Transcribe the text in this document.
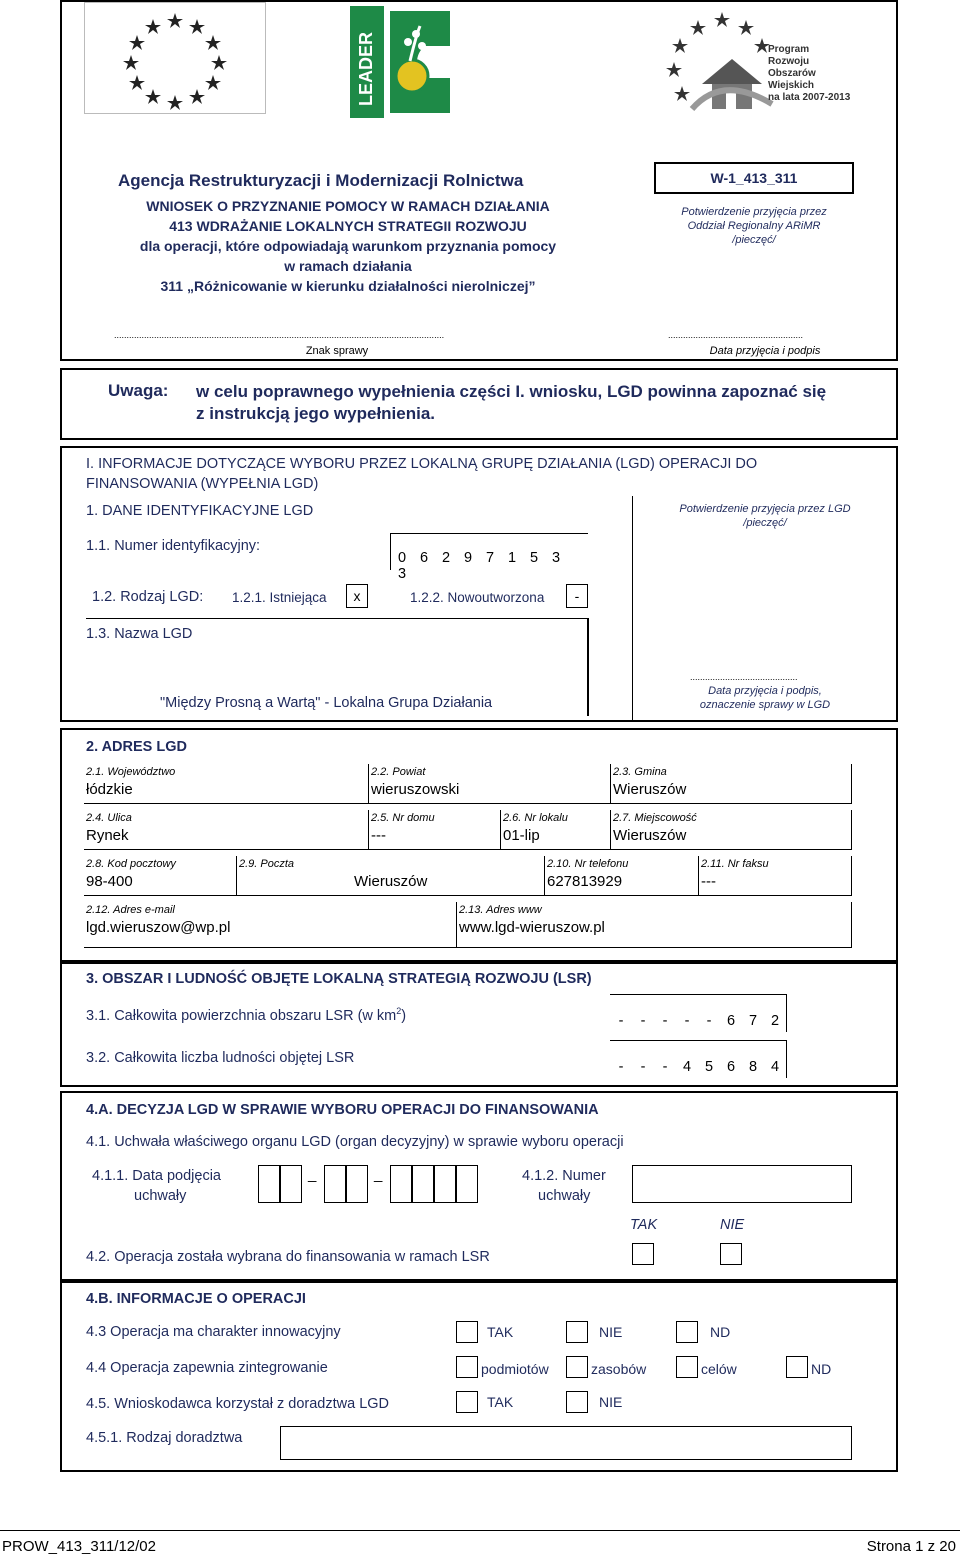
LEADER	Program
Rozwoju
Obszarów
Wiejskich
na lata 2007-2013
Agencja Restrukturyzacji i Modernizacji Rolnictwa
WNIOSEK O PRZYZNANIE POMOCY W RAMACH DZIAŁANIA
413 WDRAŻANIE LOKALNYCH STRATEGII ROZWOJU
dla operacji, które odpowiadają warunkom przyznania pomocy
w ramach działania
311 „Różnicowanie w kierunku działalności nierolniczej”
W-1_413_311
Potwierdzenie przyjęcia przez
Oddział Regionalny ARiMR
/pieczęć/
....................................................................................................................................
Znak sprawy
......................................................
Data przyjęcia i podpis
Uwaga: w celu poprawnego wypełnienia części I. wniosku, LGD powinna zapoznać się
z instrukcją jego wypełnienia.
I. INFORMACJE DOTYCZĄCE WYBORU PRZEZ LOKALNĄ GRUPĘ DZIAŁANIA (LGD) OPERACJI DO
FINANSOWANIA (WYPEŁNIA LGD)
1. DANE IDENTYFIKACYJNE LGD	Potwierdzenie przyjęcia przez LGD
/pieczęć/
1.1. Numer identyfikacyjny:
0 6 2 9 7 1 5 33
1.2. Rodzaj LGD: 1.2.1. Istniejąca	x	1.2.2. Nowoutworzona	-
1.3. Nazwa LGD
"Między Prosną a Wartą" - Lokalna Grupa Działania
...........................................
Data przyjęcia i podpis,
oznaczenie sprawy w LGD
2. ADRES LGD
2.1. Województwo
łódzkie
2.2. Powiat
wieruszowski
2.3. Gmina
Wieruszów
2.4. Ulica
Rynek
2.5. Nr domu
---
2.6. Nr lokalu
01-lip
2.7. Miejscowość
Wieruszów
2.8. Kod pocztowy
98-400
2.9. Poczta
Wieruszów
2.10. Nr telefonu
627813929
2.11. Nr faksu
---
2.12. Adres e-mail
lgd.wieruszow@wp.pl
2.13. Adres www
www.lgd-wieruszow.pl
3. OBSZAR I LUDNOŚĆ OBJĘTE LOKALNĄ STRATEGIĄ ROZWOJU (LSR)
3.1. Całkowita powierzchnia obszaru LSR (w $km^2$)	- - - - - 6 7 2
3.2. Całkowita liczba ludności objętej LSR
- - - 4 5 6 8 4
4.A. DECYZJA LGD W SPRAWIE WYBORU OPERACJI DO FINANSOWANIA
4.1. Uchwała właściwego organu LGD (organ decyzyjny) w sprawie wyboru operacji
4.1.1. Data podjęcia
uchwały
_	_	4.1.2. Numer
uchwały
TAK	NIE
4.2. Operacja została wybrana do finansowania w ramach LSR
4.B. INFORMACJE O OPERACJI
4.3 Operacja ma charakter innowacyjny	TAK	NIE	ND
4.4 Operacja zapewnia zintegrowanie	podmiotów	zasobów	celów	ND
4.5. Wnioskodawca korzystał z doradztwa LGD	TAK	NIE
4.5.1. Rodzaj doradztwa
PROW_413_311/12/02	Strona 1 z 20
